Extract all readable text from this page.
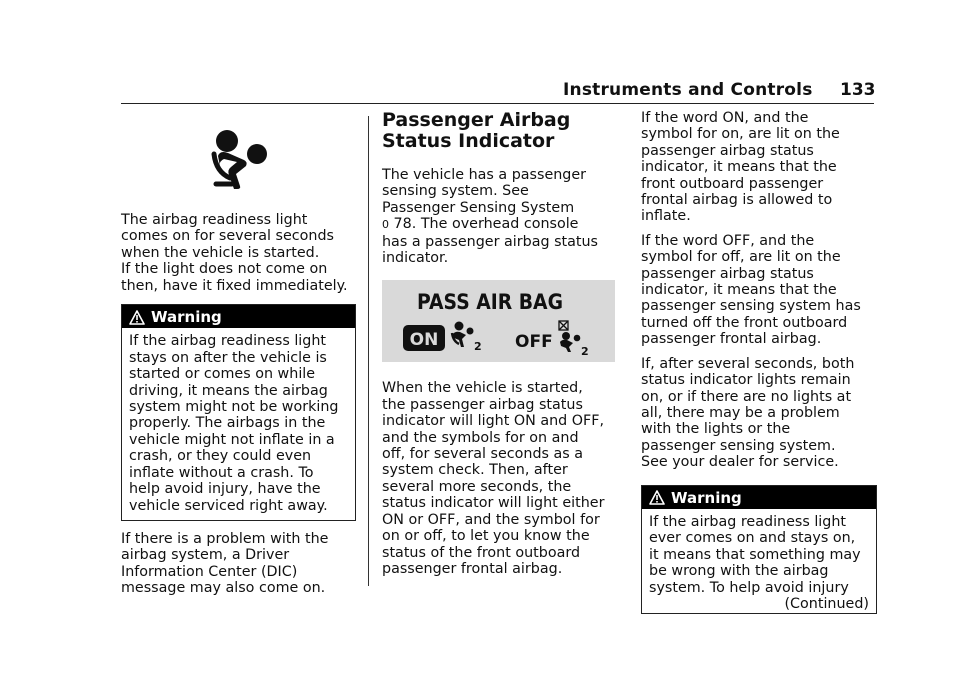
Instruments and Controls 133
The airbag readiness light
comes on for several seconds
when the vehicle is started.
If the light does not come on
then, have it fixed immediately.
Warning
If the airbag readiness light
stays on after the vehicle is
started or comes on while
driving, it means the airbag
system might not be working
properly. The airbags in the
vehicle might not inflate in a
crash, or they could even
inflate without a crash. To
help avoid injury, have the
vehicle serviced right away.
If there is a problem with the
airbag system, a Driver
Information Center (DIC)
message may also come on.
Passenger Airbag
Status Indicator
The vehicle has a passenger
sensing system. See
Passenger Sensing System
0 78. The overhead console
has a passenger airbag status
indicator.
PASS AIR BAG
ON	2 OFF	2
When the vehicle is started,
the passenger airbag status
indicator will light ON and OFF,
and the symbols for on and
off, for several seconds as a
system check. Then, after
several more seconds, the
status indicator will light either
ON or OFF, and the symbol for
on or off, to let you know the
status of the front outboard
passenger frontal airbag.
If the word ON, and the
symbol for on, are lit on the
passenger airbag status
indicator, it means that the
front outboard passenger
frontal airbag is allowed to
inflate.
If the word OFF, and the
symbol for off, are lit on the
passenger airbag status
indicator, it means that the
passenger sensing system has
turned off the front outboard
passenger frontal airbag.
If, after several seconds, both
status indicator lights remain
on, or if there are no lights at
all, there may be a problem
with the lights or the
passenger sensing system.
See your dealer for service.
Warning
If the airbag readiness light
ever comes on and stays on,
it means that something may
be wrong with the airbag
system. To help avoid injury
(Continued)
